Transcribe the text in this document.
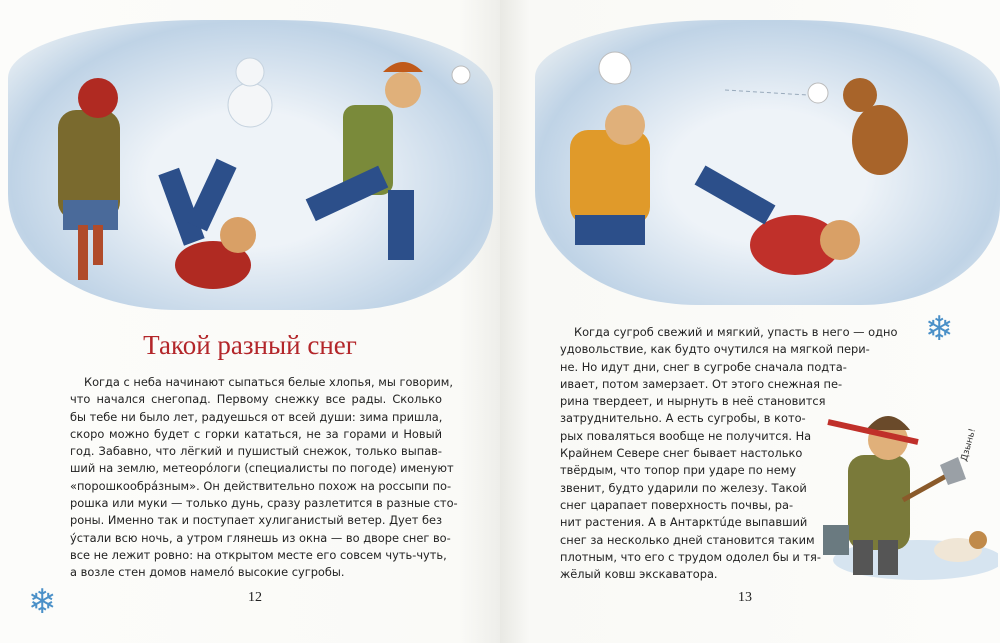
Такой разный снег
Когда с неба начинают сыпаться белые хлопья, мы говорим,
что начался снегопад. Первому снежку все рады. Сколько
бы тебе ни было лет, радуешься от всей души: зима пришла,
скоро можно будет с горки кататься, не за горами и Новый
год. Забавно, что лёгкий и пушистый снежок, только выпав-
ший на землю, метеорóлоги (специалисты по погоде) именуют
«порошкообрáзным». Он действительно похож на россыпи по-
рошка или муки — только дунь, сразу разлетится в разные сто-
роны. Именно так и поступает хулиганистый ветер. Дует без
ýстали всю ночь, а утром глянешь из окна — во дворе снег во-
все не лежит ровно: на открытом месте его совсем чуть-чуть,
а возле стен домов намелó высокие сугробы.
❄	12
Когда сугроб свежий и мягкий, упасть в него — одно
удовольствие, как будто очутился на мягкой пери-
не. Но идут дни, снег в сугробе сначала подта-
ивает, потом замерзает. От этого снежная пе-
рина твердеет, и нырнуть в неё становится
затруднительно. А есть сугробы, в кото-
рых поваляться вообще не получится. На
Крайнем Севере снег бывает настолько
твёрдым, что топор при ударе по нему
звенит, будто ударили по железу. Такой
снег царапает поверхность почвы, ра-
нит растения. А в Антарктúде выпавший
снег за несколько дней становится таким
плотным, что его с трудом одолел бы и тя-
жёлый ковш экскаватора.
❄
Дзынь!
13
